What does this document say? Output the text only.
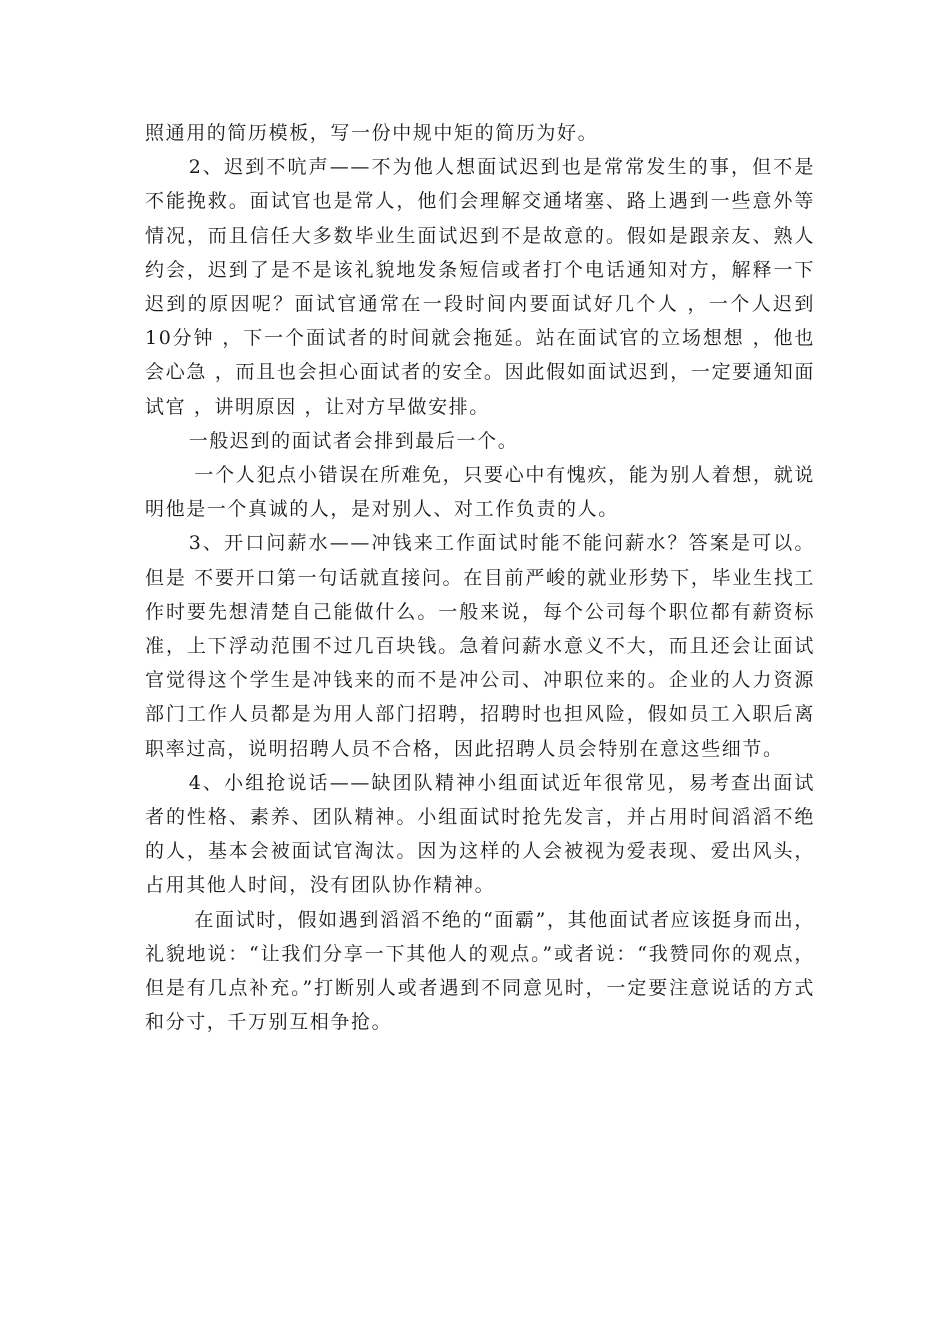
照通用的简历模板，写一份中规中矩的简历为好。

2、迟到不吭声——不为他人想面试迟到也是常常发生的事，但不是不能挽救。面试官也是常人，他们会理解交通堵塞、路上遇到一些意外等情况，而且信任大多数毕业生面试迟到不是故意的。假如是跟亲友、熟人约会，迟到了是不是该礼貌地发条短信或者打个电话通知对方，解释一下迟到的原因呢？面试官通常在一段时间内要面试好几个人 ，一个人迟到10分钟 ，下一个面试者的时间就会拖延。站在面试官的立场想想 ，他也会心急 ，而且也会担心面试者的安全。因此假如面试迟到，一定要通知面试官 ，讲明原因 ，让对方早做安排。

一般迟到的面试者会排到最后一个。

一个人犯点小错误在所难免，只要心中有愧疚，能为别人着想，就说明他是一个真诚的人，是对别人、对工作负责的人。

3、开口问薪水——冲钱来工作面试时能不能问薪水？答案是可以。但是 不要开口第一句话就直接问。在目前严峻的就业形势下，毕业生找工作时要先想清楚自己能做什么。一般来说，每个公司每个职位都有薪资标准，上下浮动范围不过几百块钱。急着问薪水意义不大，而且还会让面试官觉得这个学生是冲钱来的而不是冲公司、冲职位来的。企业的人力资源部门工作人员都是为用人部门招聘，招聘时也担风险，假如员工入职后离职率过高，说明招聘人员不合格，因此招聘人员会特别在意这些细节。

4、小组抢说话——缺团队精神小组面试近年很常见，易考查出面试者的性格、素养、团队精神。小组面试时抢先发言，并占用时间滔滔不绝的人，基本会被面试官淘汰。因为这样的人会被视为爱表现、爱出风头，占用其他人时间，没有团队协作精神。

在面试时，假如遇到滔滔不绝的“面霸”，其他面试者应该挺身而出，礼貌地说：“让我们分享一下其他人的观点。”或者说：“我赞同你的观点，但是有几点补充。”打断别人或者遇到不同意见时，一定要注意说话的方式和分寸，千万别互相争抢。
